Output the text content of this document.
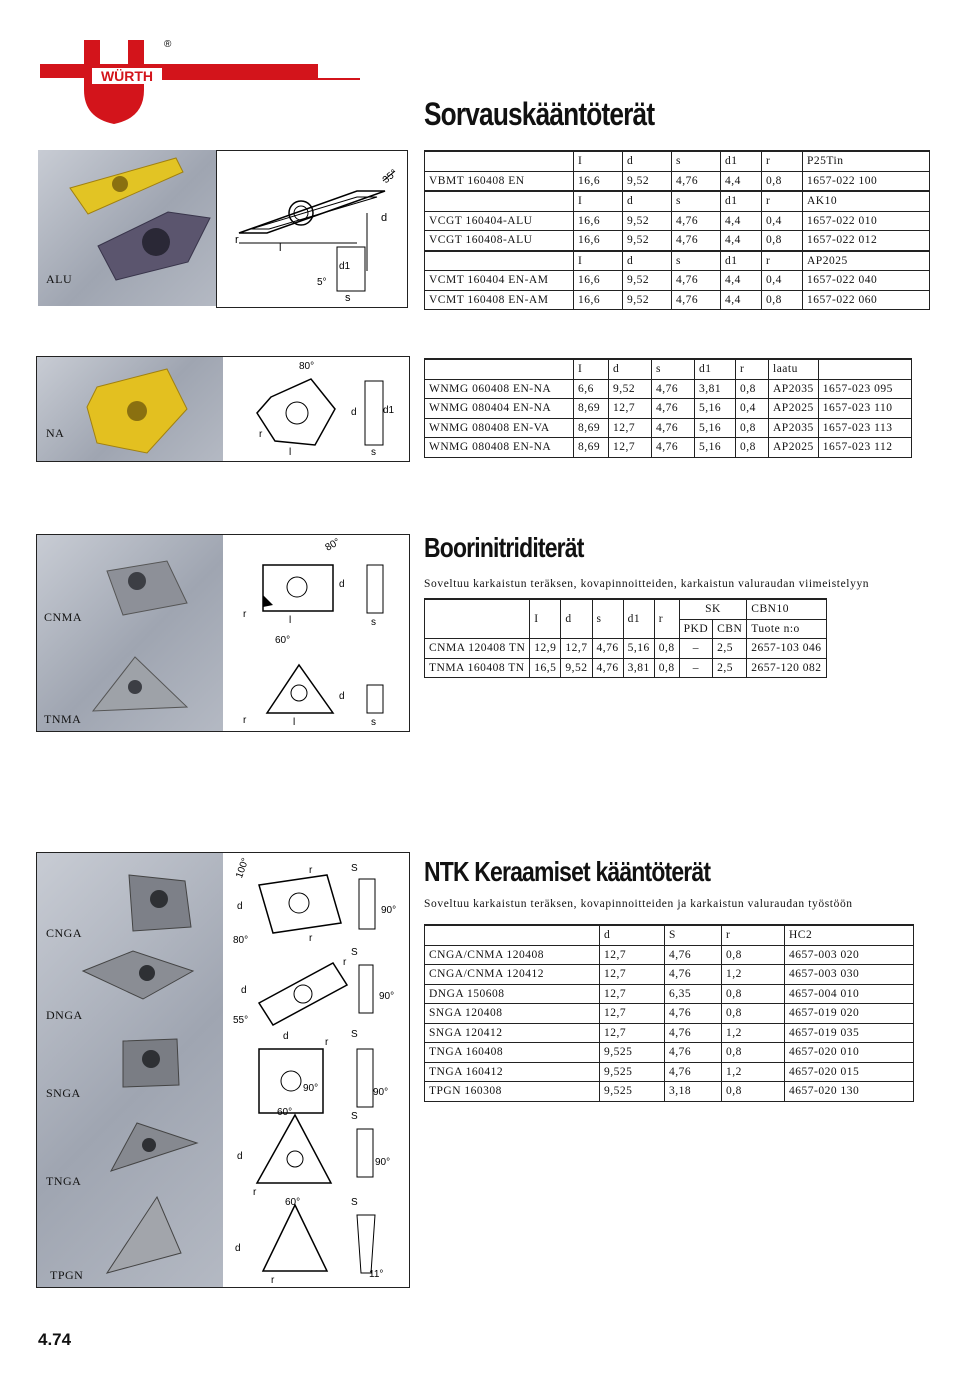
WÜRTH
®
Sorvauskääntöterät
ALU
r
l
d
35°
5°
d1
s
	I	d	s	d1	r	P25Tin
VBMT 160408 EN	16,6	9,52	4,76	4,4	0,8	1657-022 100
	I	d	s	d1	r	AK10
VCGT 160404-ALU	16,6	9,52	4,76	4,4	0,4	1657-022 010
VCGT 160408-ALU	16,6	9,52	4,76	4,4	0,8	1657-022 012
	I	d	s	d1	r	AP2025
VCMT 160404 EN-AM	16,6	9,52	4,76	4,4	0,4	1657-022 040
VCMT 160408 EN-AM	16,6	9,52	4,76	4,4	0,8	1657-022 060
80°
r
l
d	d1
s
NA
	I	d	s	d1	r	laatu	
WNMG 060408 EN-NA	6,6	9,52	4,76	3,81	0,8	AP2035	1657-023 095
WNMG 080404 EN-NA	8,69	12,7	4,76	5,16	0,4	AP2025	1657-023 110
WNMG 080408 EN-VA	8,69	12,7	4,76	5,16	0,8	AP2035	1657-023 113
WNMG 080408 EN-NA	8,69	12,7	4,76	5,16	0,8	AP2025	1657-023 112
80°
d
r
l
60°
s
d
r	l	s
CNMA
TNMA
Boorinitriditerät
Soveltuu karkaistun teräksen, kovapinnoitteiden, karkaistun valuraudan viimeistelyyn
	I	d	s	d1	r	SK		CBN10
						PKD	CBN	Tuote n:o
CNMA 120408 TN	12,9	12,7	4,76	5,16	0,8	–	2,5	2657-103 046
TNMA 160408 TN	16,5	9,52	4,76	3,81	0,8	–	2,5	2657-120 082
d
80°
100°
r
r	S
90°
d
55°
r
S
90°
d
r
90°
S
90°
60°
d
r
S
90°
60°
d
r
S
11°
CNGA
DNGA
SNGA
TNGA
TPGN
NTK Keraamiset kääntöterät
Soveltuu karkaistun teräksen, kovapinnoitteiden ja karkaistun valuraudan työstöön
	d	S	r	HC2
CNGA/CNMA 120408	12,7	4,76	0,8	4657-003 020
CNGA/CNMA 120412	12,7	4,76	1,2	4657-003 030
DNGA 150608	12,7	6,35	0,8	4657-004 010
SNGA 120408	12,7	4,76	0,8	4657-019 020
SNGA 120412	12,7	4,76	1,2	4657-019 035
TNGA 160408	9,525	4,76	0,8	4657-020 010
TNGA 160412	9,525	4,76	1,2	4657-020 015
TPGN 160308	9,525	3,18	0,8	4657-020 130
4.74
